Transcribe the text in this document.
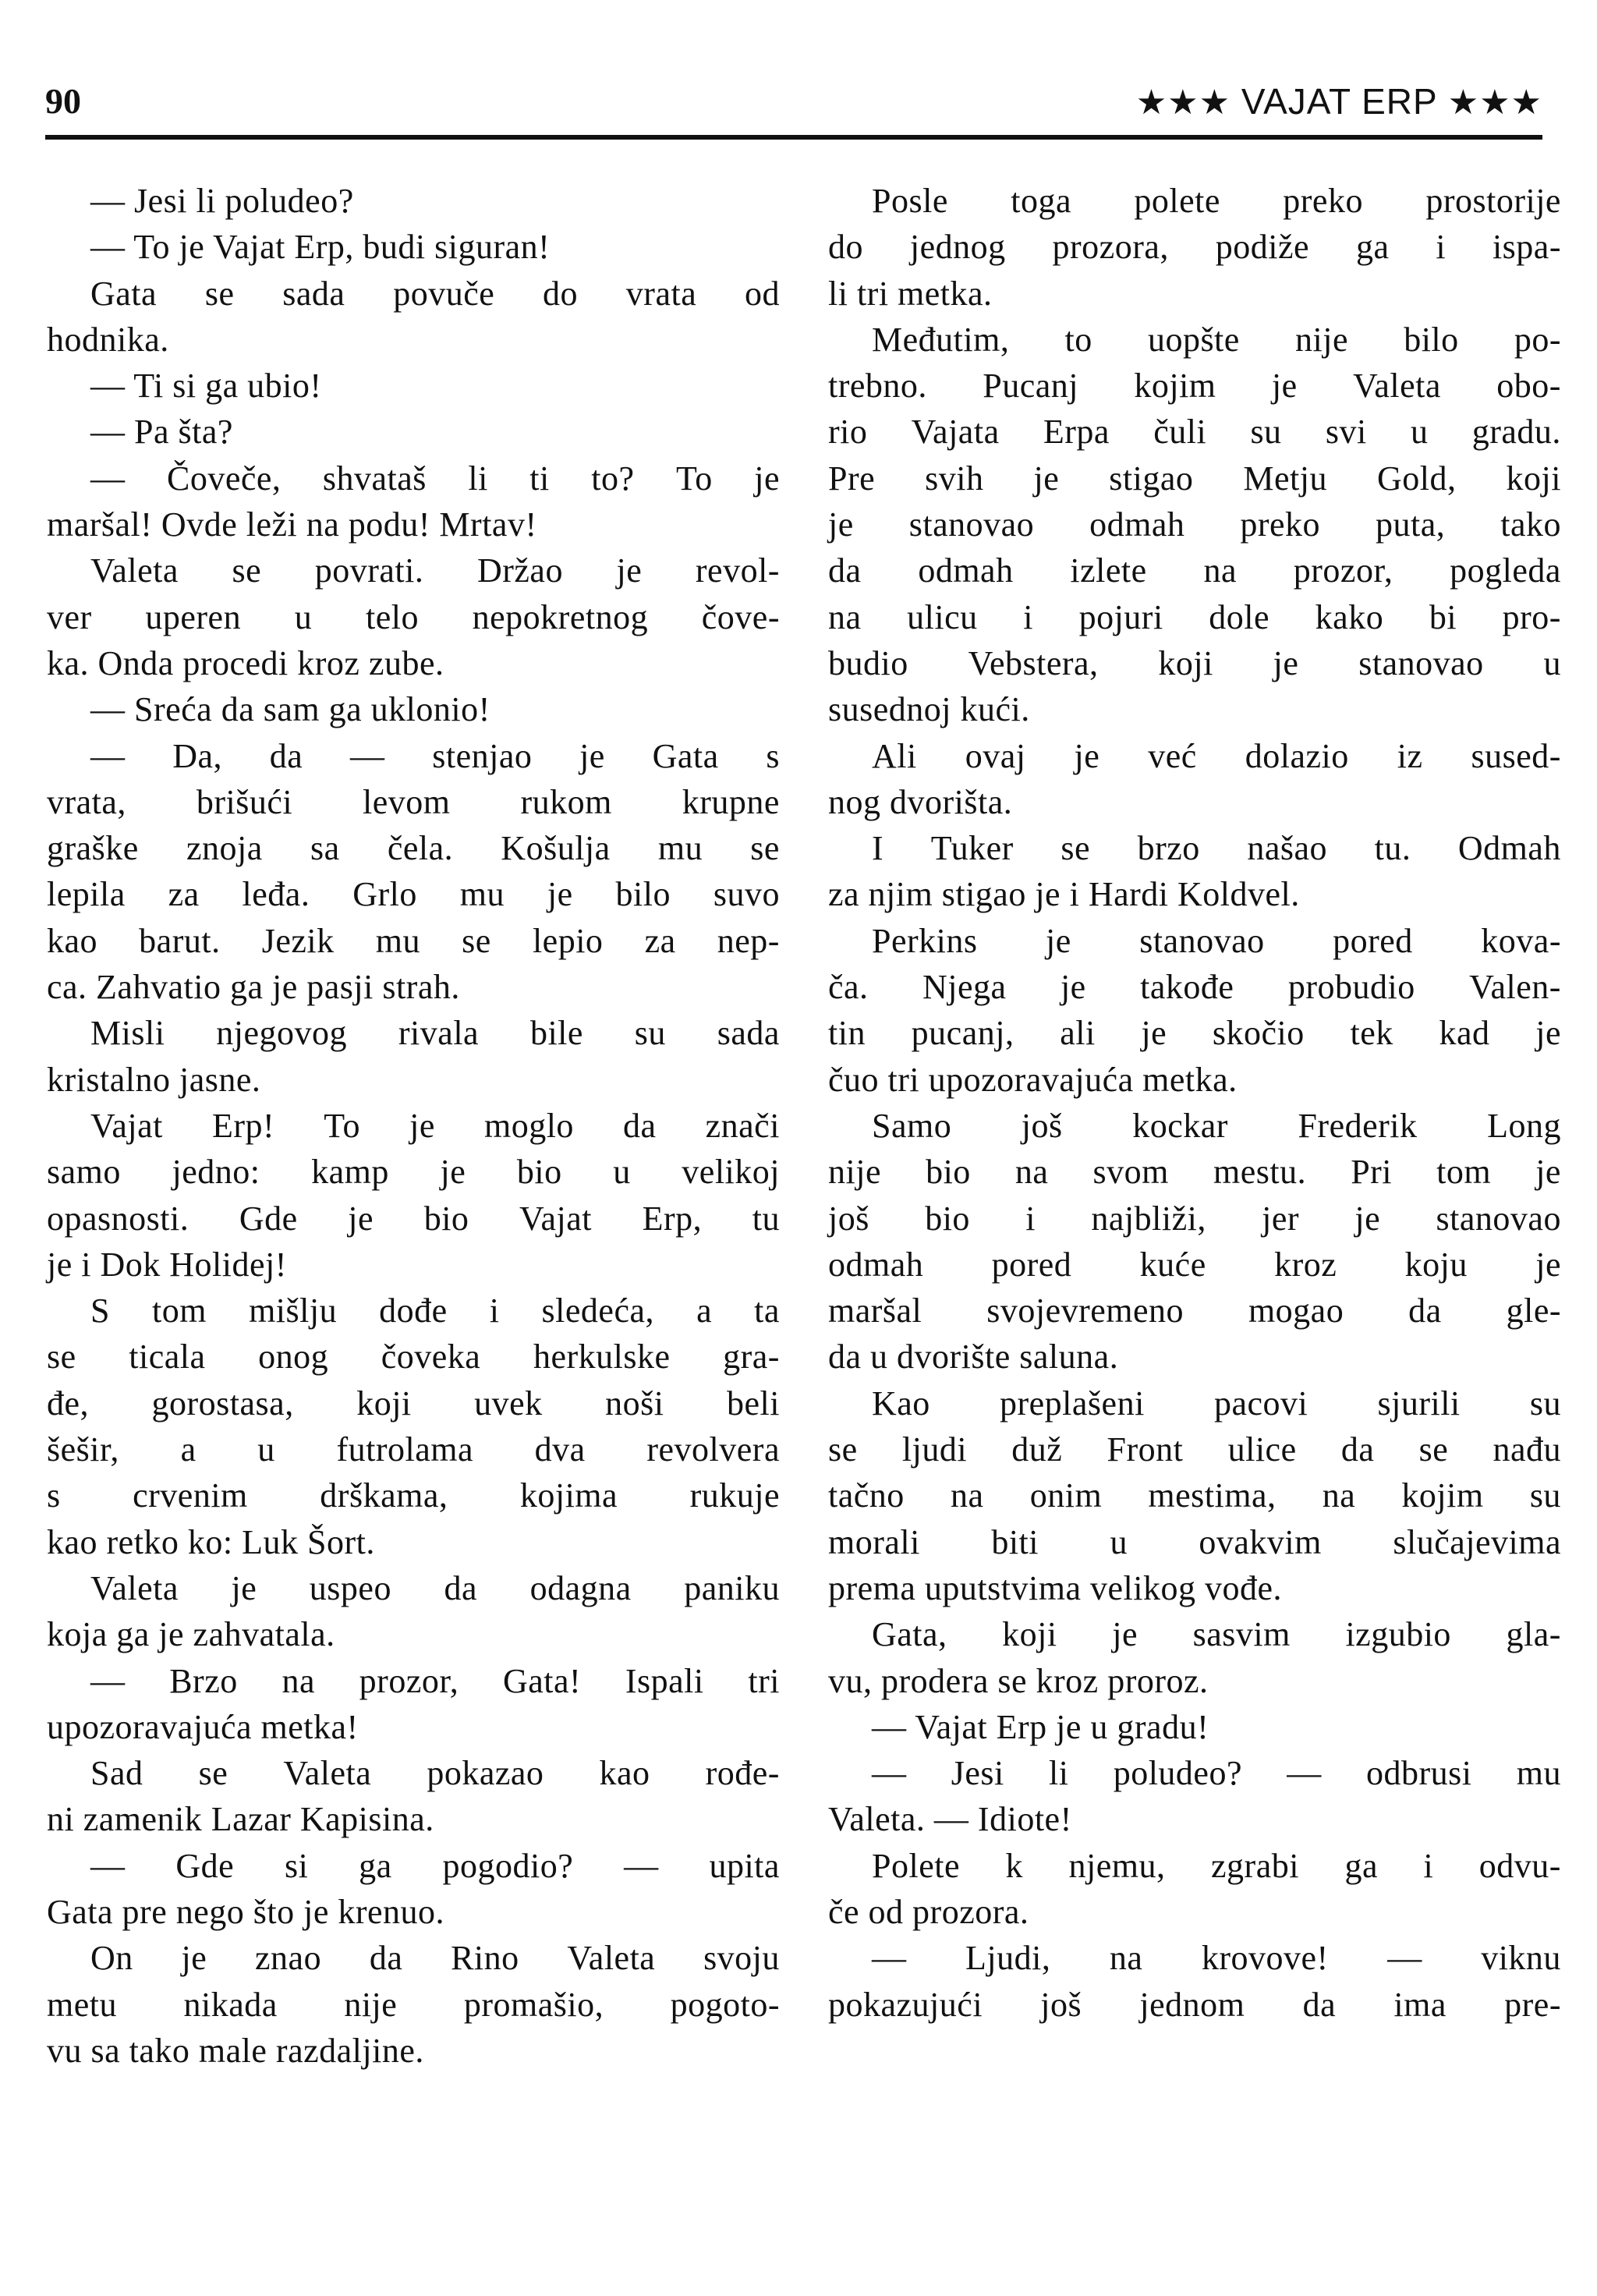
90	★★★ VAJAT ERP ★★★
— Jesi li poludeo?
— To je Vajat Erp, budi siguran!
Gata se sada povuče do vrata od
hodnika.
— Ti si ga ubio!
— Pa šta?
— Čoveče, shvataš li ti to? To je
maršal! Ovde leži na podu! Mrtav!
Valeta se povrati. Držao je revol-
ver uperen u telo nepokretnog čove-
ka. Onda procedi kroz zube.
— Sreća da sam ga uklonio!
— Da, da — stenjao je Gata s
vrata, brišući levom rukom krupne
graške znoja sa čela. Košulja mu se
lepila za leđa. Grlo mu je bilo suvo
kao barut. Jezik mu se lepio za nep-
ca. Zahvatio ga je pasji strah.
Misli njegovog rivala bile su sada
kristalno jasne.
Vajat Erp! To je moglo da znači
samo jedno: kamp je bio u velikoj
opasnosti. Gde je bio Vajat Erp, tu
je i Dok Holidej!
S tom mišlju dođe i sledeća, a ta
se ticala onog čoveka herkulske gra-
đe, gorostasa, koji uvek noši beli
šešir, a u futrolama dva revolvera
s crvenim drškama, kojima rukuje
kao retko ko: Luk Šort.
Valeta je uspeo da odagna paniku
koja ga je zahvatala.
— Brzo na prozor, Gata! Ispali tri
upozoravajuća metka!
Sad se Valeta pokazao kao rođe-
ni zamenik Lazar Kapisina.
— Gde si ga pogodio? — upita
Gata pre nego što je krenuo.
On je znao da Rino Valeta svoju
metu nikada nije promašio, pogoto-
vu sa tako male razdaljine.
Posle toga polete preko prostorije
do jednog prozora, podiže ga i ispa-
li tri metka.
Međutim, to uopšte nije bilo po-
trebno. Pucanj kojim je Valeta obo-
rio Vajata Erpa čuli su svi u gradu.
Pre svih je stigao Metju Gold, koji
je stanovao odmah preko puta, tako
da odmah izlete na prozor, pogleda
na ulicu i pojuri dole kako bi pro-
budio Vebstera, koji je stanovao u
susednoj kući.
Ali ovaj je već dolazio iz sused-
nog dvorišta.
I Tuker se brzo našao tu. Odmah
za njim stigao je i Hardi Koldvel.
Perkins je stanovao pored kova-
ča. Njega je takođe probudio Valen-
tin pucanj, ali je skočio tek kad je
čuo tri upozoravajuća metka.
Samo još kockar Frederik Long
nije bio na svom mestu. Pri tom je
još bio i najbliži, jer je stanovao
odmah pored kuće kroz koju je
maršal svojevremeno mogao da gle-
da u dvorište saluna.
Kao preplašeni pacovi sjurili su
se ljudi duž Front ulice da se nađu
tačno na onim mestima, na kojim su
morali biti u ovakvim slučajevima
prema uputstvima velikog vođe.
Gata, koji je sasvim izgubio gla-
vu, prodera se kroz proroz.
— Vajat Erp je u gradu!
— Jesi li poludeo? — odbrusi mu
Valeta. — Idiote!
Polete k njemu, zgrabi ga i odvu-
če od prozora.
— Ljudi, na krovove! — viknu
pokazujući još jednom da ima pre-
